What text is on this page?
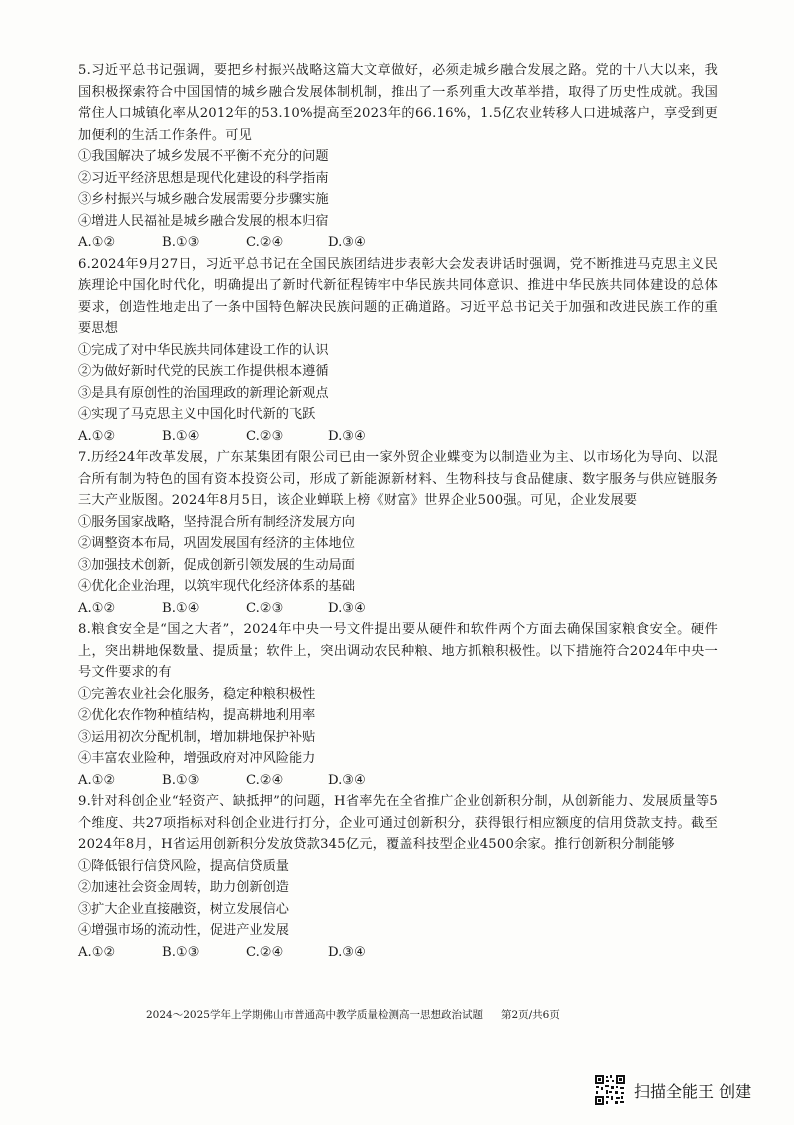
5.习近平总书记强调，要把乡村振兴战略这篇大文章做好，必须走城乡融合发展之路。党的十八大以来，我国积极探索符合中国国情的城乡融合发展体制机制，推出了一系列重大改革举措，取得了历史性成就。我国常住人口城镇化率从2012年的53.10%提高至2023年的66.16%，1.5亿农业转移人口进城落户，享受到更加便利的生活工作条件。可见

①我国解决了城乡发展不平衡不充分的问题

②习近平经济思想是现代化建设的科学指南

③乡村振兴与城乡融合发展需要分步骤实施

④增进人民福祉是城乡融合发展的根本归宿

A.①②	B.①③	C.②④	D.③④

6.2024年9月27日，习近平总书记在全国民族团结进步表彰大会发表讲话时强调，党不断推进马克思主义民族理论中国化时代化，明确提出了新时代新征程铸牢中华民族共同体意识、推进中华民族共同体建设的总体要求，创造性地走出了一条中国特色解决民族问题的正确道路。习近平总书记关于加强和改进民族工作的重要思想

①完成了对中华民族共同体建设工作的认识

②为做好新时代党的民族工作提供根本遵循

③是具有原创性的治国理政的新理论新观点

④实现了马克思主义中国化时代新的飞跃

A.①②	B.①④	C.②③	D.③④

7.历经24年改革发展，广东某集团有限公司已由一家外贸企业蝶变为以制造业为主、以市场化为导向、以混合所有制为特色的国有资本投资公司，形成了新能源新材料、生物科技与食品健康、数字服务与供应链服务三大产业版图。2024年8月5日，该企业蝉联上榜《财富》世界企业500强。可见，企业发展要

①服务国家战略，坚持混合所有制经济发展方向

②调整资本布局，巩固发展国有经济的主体地位

③加强技术创新，促成创新引领发展的生动局面

④优化企业治理，以筑牢现代化经济体系的基础

A.①②	B.①④	C.②③	D.③④

8.粮食安全是“国之大者”，2024年中央一号文件提出要从硬件和软件两个方面去确保国家粮食安全。硬件上，突出耕地保数量、提质量；软件上，突出调动农民种粮、地方抓粮积极性。以下措施符合2024年中央一号文件要求的有

①完善农业社会化服务，稳定种粮积极性

②优化农作物种植结构，提高耕地利用率

③运用初次分配机制，增加耕地保护补贴

④丰富农业险种，增强政府对冲风险能力

A.①②	B.①③	C.②④	D.③④

9.针对科创企业“轻资产、缺抵押”的问题，H省率先在全省推广企业创新积分制，从创新能力、发展质量等5个维度、共27项指标对科创企业进行打分，企业可通过创新积分，获得银行相应额度的信用贷款支持。截至2024年8月，H省运用创新积分发放贷款345亿元，覆盖科技型企业4500余家。推行创新积分制能够

①降低银行信贷风险，提高信贷质量

②加速社会资金周转，助力创新创造

③扩大企业直接融资，树立发展信心

④增强市场的流动性，促进产业发展

A.①②	B.①③	C.②④	D.③④
2024～2025学年上学期佛山市普通高中教学质量检测高一思想政治试题 第2页/共6页
扫描全能王 创建
